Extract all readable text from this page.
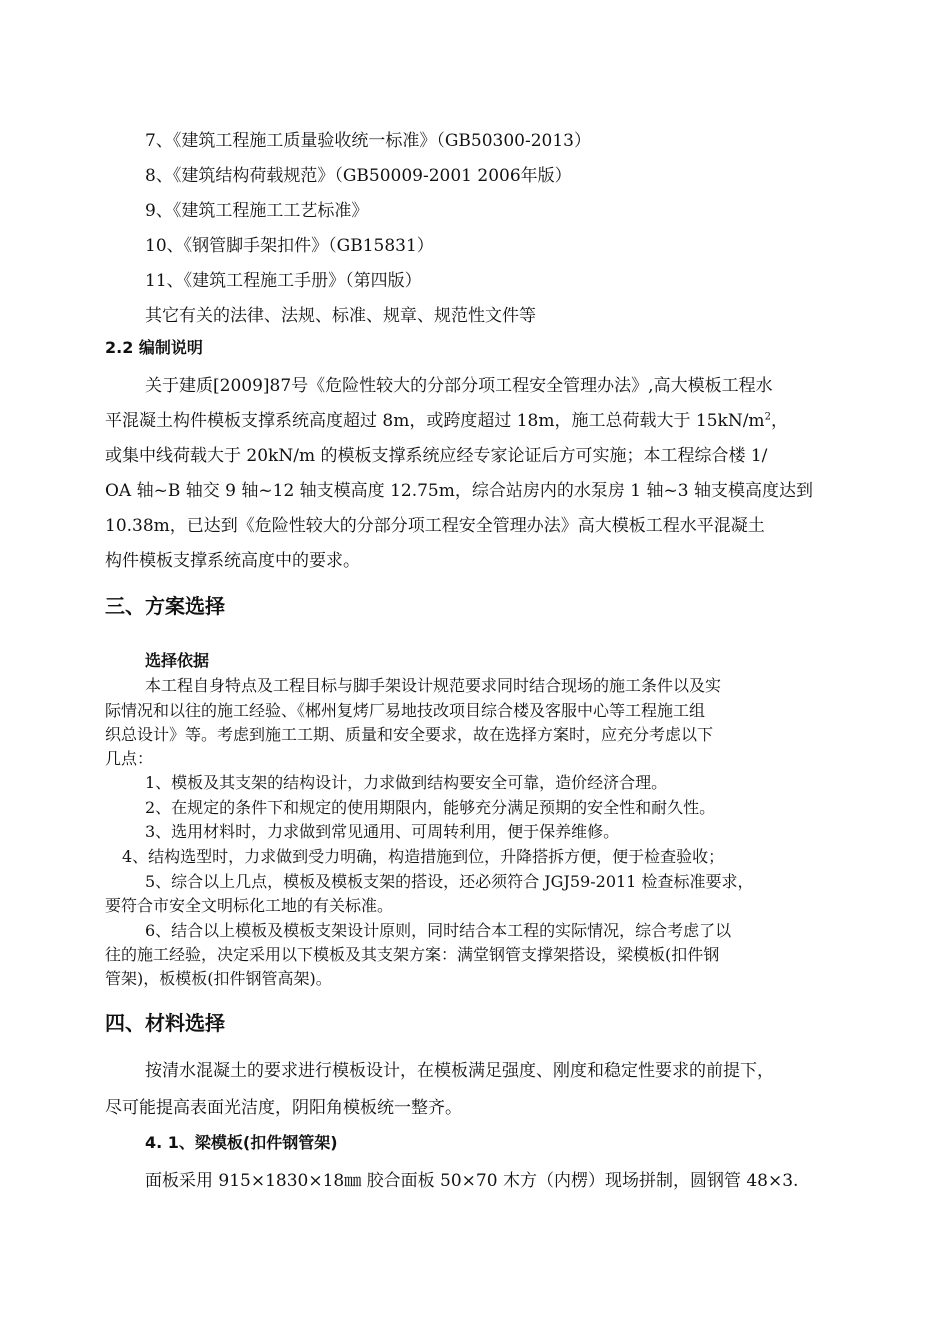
7、《建筑工程施工质量验收统一标准》（GB50300-2013）
8、《建筑结构荷载规范》（GB50009-2001 2006年版）
9、《建筑工程施工工艺标准》
10、《钢管脚手架扣件》（GB15831）
11、《建筑工程施工手册》（第四版）
其它有关的法律、法规、标准、规章、规范性文件等
2.2 编制说明
关于建质[2009]87号《危险性较大的分部分项工程安全管理办法》,高大模板工程水
平混凝土构件模板支撑系统高度超过 8m，或跨度超过 18m，施工总荷载大于 $15kN/m^2$，
或集中线荷载大于 20kN/m 的模板支撑系统应经专家论证后方可实施；本工程综合楼 1/
OA 轴~B 轴交 9 轴~12 轴支模高度 12.75m，综合站房内的水泵房 1 轴~3 轴支模高度达到
10.38m，已达到《危险性较大的分部分项工程安全管理办法》高大模板工程水平混凝土
构件模板支撑系统高度中的要求。
三、方案选择
选择依据
本工程自身特点及工程目标与脚手架设计规范要求同时结合现场的施工条件以及实
际情况和以往的施工经验、《郴州复烤厂易地技改项目综合楼及客服中心等工程施工组
织总设计》等。考虑到施工工期、质量和安全要求，故在选择方案时，应充分考虑以下
几点：
1、模板及其支架的结构设计，力求做到结构要安全可靠，造价经济合理。
2、在规定的条件下和规定的使用期限内，能够充分满足预期的安全性和耐久性。
3、选用材料时，力求做到常见通用、可周转利用，便于保养维修。
4、结构选型时，力求做到受力明确，构造措施到位，升降搭拆方便，便于检查验收；
5、综合以上几点，模板及模板支架的搭设，还必须符合 JGJ59-2011 检查标准要求，
要符合市安全文明标化工地的有关标准。
6、结合以上模板及模板支架设计原则，同时结合本工程的实际情况，综合考虑了以
往的施工经验，决定采用以下模板及其支架方案：满堂钢管支撑架搭设，梁模板(扣件钢
管架)，板模板(扣件钢管高架)。
四、材料选择
按清水混凝土的要求进行模板设计，在模板满足强度、刚度和稳定性要求的前提下，
尽可能提高表面光洁度，阴阳角模板统一整齐。
4. 1、梁模板(扣件钢管架)
面板采用 915×1830×18㎜ 胶合面板 50×70 木方（内楞）现场拼制，圆钢管 48×3.
